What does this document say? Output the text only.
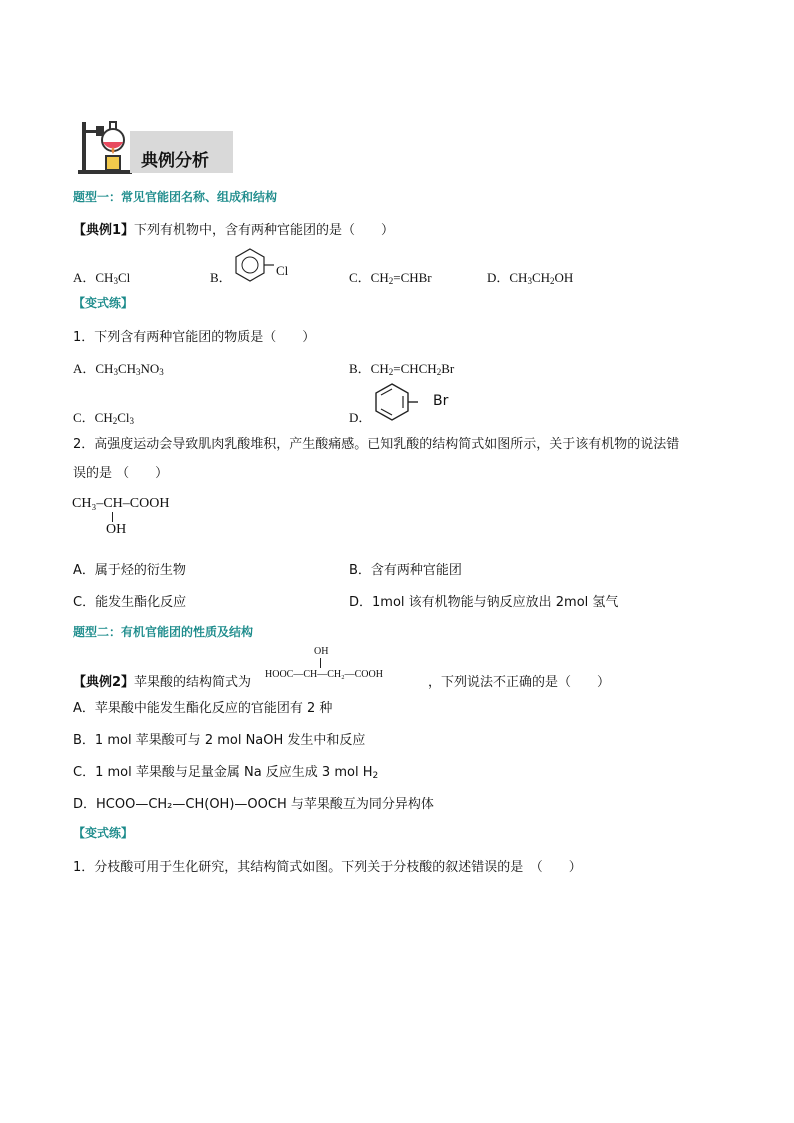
典例分析
题型一：常见官能团名称、组成和结构
【典例1】下列有机物中，含有两种官能团的是（　　）
A．$CH_3Cl$	B．	Cl	C．$CH_2=CHBr$	D．$CH_3CH_2OH$
【变式练】
1．下列含有两种官能团的物质是（　　）
A．$CH_3CH_3NO_3$	B．$CH_2=CHCH_2Br$
C．$CH_2Cl_3$	D．
Br
2．高强度运动会导致肌肉乳酸堆积，产生酸痛感。已知乳酸的结构简式如图所示，关于该有机物的说法错
误的是 （　　）
CH₃–CH–COOH
OH
A．属于烃的衍生物	B．含有两种官能团
C．能发生酯化反应	D．1mol 该有机物能与钠反应放出 2mol 氢气
题型二：有机官能团的性质及结构
OH
【典例2】苹果酸的结构简式为
HOOC—CH—CH₂—COOH
，下列说法不正确的是（　　）
A．苹果酸中能发生酯化反应的官能团有 2 种
B．1 mol 苹果酸可与 2 mol NaOH 发生中和反应
C．1 mol 苹果酸与足量金属 Na 反应生成 3 mol $H_2$
D．HCOO—CH₂—CH(OH)—OOCH 与苹果酸互为同分异构体
【变式练】
1．分枝酸可用于生化研究，其结构简式如图。下列关于分枝酸的叙述错误的是　（　　）
